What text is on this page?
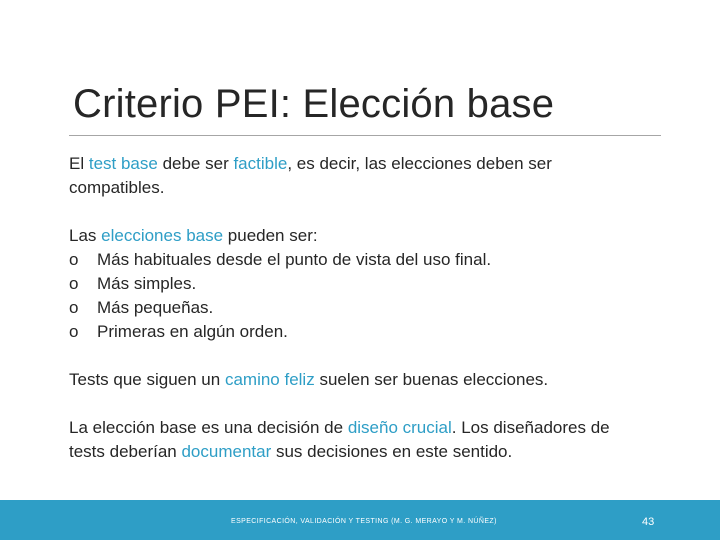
Criterio PEI: Elección base

El test base debe ser factible, es decir, las elecciones deben ser compatibles.

Las elecciones base pueden ser:

o	Más habituales desde el punto de vista del uso final.
o	Más simples.
o	Más pequeñas.
o	Primeras en algún orden.

Tests que siguen un camino feliz suelen ser buenas elecciones.

La elección base es una decisión de diseño crucial. Los diseñadores de tests deberían documentar sus decisiones en este sentido.

ESPECIFICACIÓN, VALIDACIÓN Y TESTING (M. G. MERAYO Y M. NÚÑEZ)	43
